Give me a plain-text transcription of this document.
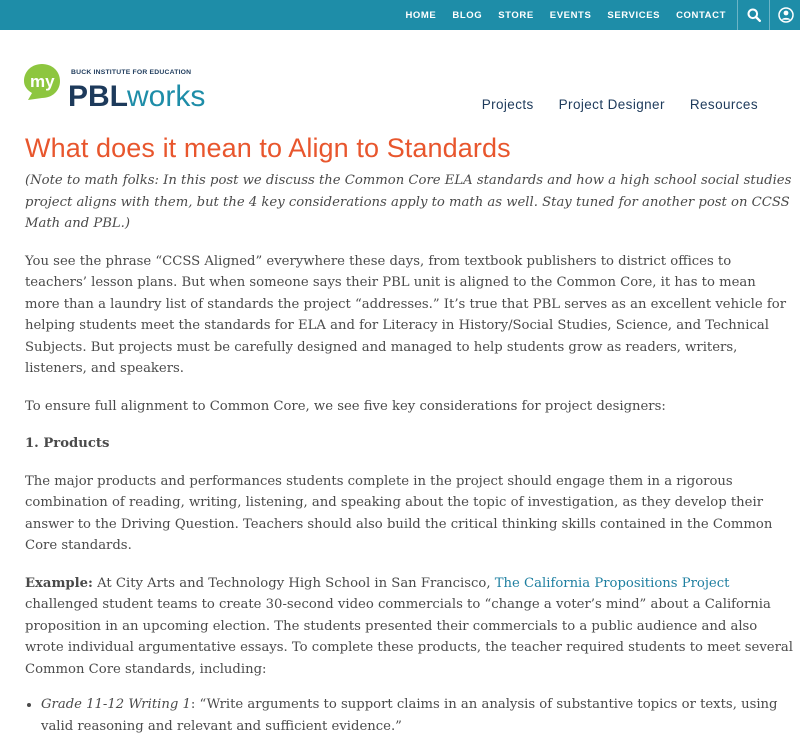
HOME	BLOG	STORE	EVENTS	SERVICES	CONTACT
my BUCK INSTITUTE FOR EDUCATION
PBL works	Projects Project Designer Resources
What does it mean to Align to Standards

(Note to math folks: In this post we discuss the Common Core ELA standards and how a high school social studies project aligns with them, but the 4 key considerations apply to math as well. Stay tuned for another post on CCSS Math and PBL.)

You see the phrase “CCSS Aligned” everywhere these days, from textbook publishers to district offices to teachers’ lesson plans. But when someone says their PBL unit is aligned to the Common Core, it has to mean more than a laundry list of standards the project “addresses.” It’s true that PBL serves as an excellent vehicle for helping students meet the standards for ELA and for Literacy in History/Social Studies, Science, and Technical Subjects. But projects must be carefully designed and managed to help students grow as readers, writers, listeners, and speakers.

To ensure full alignment to Common Core, we see five key considerations for project designers:

1. Products

The major products and performances students complete in the project should engage them in a rigorous combination of reading, writing, listening, and speaking about the topic of investigation, as they develop their answer to the Driving Question. Teachers should also build the critical thinking skills contained in the Common Core standards.

Example: At City Arts and Technology High School in San Francisco, The California Propositions Project challenged student teams to create 30-second video commercials to “change a voter’s mind” about a California proposition in an upcoming election. The students presented their commercials to a public audience and also wrote individual argumentative essays. To complete these products, the teacher required students to meet several Common Core standards, including:

• Grade 11-12 Writing 1: “Write arguments to support claims in an analysis of substantive topics or texts, using valid reasoning and relevant and sufficient evidence.”
